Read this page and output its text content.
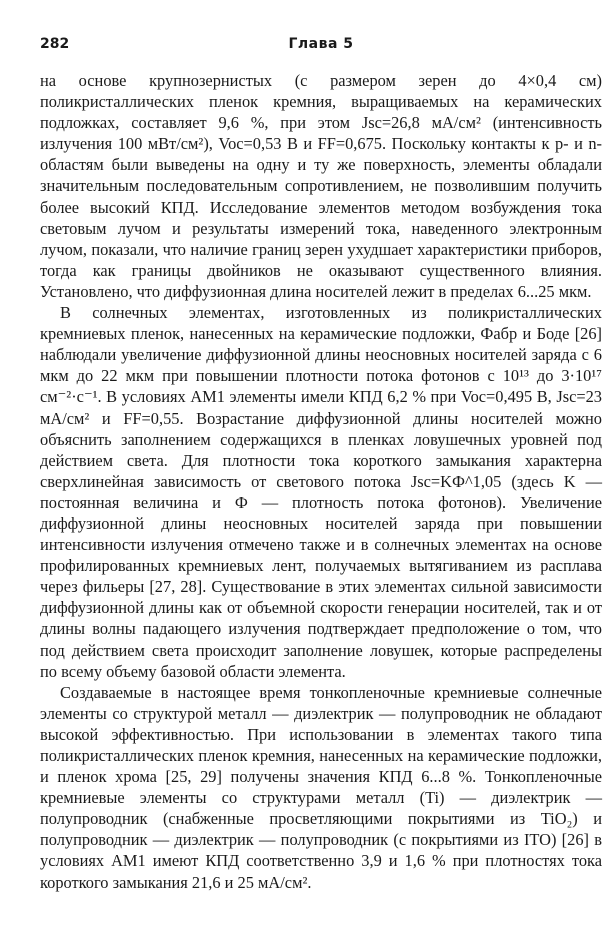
282	Глава 5

на основе крупнозернистых (с размером зерен до 4×0,4 см) поликристаллических пленок кремния, выращиваемых на керамических подложках, составляет 9,6 %, при этом Jsc=26,8 мА/см² (интенсивность излучения 100 мВт/см²), Voc=0,53 В и FF=0,675. Поскольку контакты к p- и n-областям были выведены на одну и ту же поверхность, элементы обладали значительным последовательным сопротивлением, не позволившим получить более высокий КПД. Исследование элементов методом возбуждения тока световым лучом и результаты измерений тока, наведенного электронным лучом, показали, что наличие границ зерен ухудшает характеристики приборов, тогда как границы двойников не оказывают существенного влияния. Установлено, что диффузионная длина носителей лежит в пределах 6...25 мкм.

В солнечных элементах, изготовленных из поликристаллических кремниевых пленок, нанесенных на керамические подложки, Фабр и Боде [26] наблюдали увеличение диффузионной длины неосновных носителей заряда с 6 мкм до 22 мкм при повышении плотности потока фотонов с 10¹³ до 3·10¹⁷ см⁻²·с⁻¹. В условиях АМ1 элементы имели КПД 6,2 % при Voc=0,495 В, Jsc=23 мА/см² и FF=0,55. Возрастание диффузионной длины носителей можно объяснить заполнением содержащихся в пленках ловушечных уровней под действием света. Для плотности тока короткого замыкания характерна сверхлинейная зависимость от светового потока Jsc=KФ^1,05 (здесь K — постоянная величина и Ф — плотность потока фотонов). Увеличение диффузионной длины неосновных носителей заряда при повышении интенсивности излучения отмечено также и в солнечных элементах на основе профилированных кремниевых лент, получаемых вытягиванием из расплава через фильеры [27, 28]. Существование в этих элементах сильной зависимости диффузионной длины как от объемной скорости генерации носителей, так и от длины волны падающего излучения подтверждает предположение о том, что под действием света происходит заполнение ловушек, которые распределены по всему объему базовой области элемента.

Создаваемые в настоящее время тонкопленочные кремниевые солнечные элементы со структурой металл — диэлектрик — полупроводник не обладают высокой эффективностью. При использовании в элементах такого типа поликристаллических пленок кремния, нанесенных на керамические подложки, и пленок хрома [25, 29] получены значения КПД 6...8 %. Тонкопленочные кремниевые элементы со структурами металл (Ti) — диэлектрик — полупроводник (снабженные просветляющими покрытиями из TiO₂) и полупроводник — диэлектрик — полупроводник (с покрытиями из ITO) [26] в условиях АМ1 имеют КПД соответственно 3,9 и 1,6 % при плотностях тока короткого замыкания 21,6 и 25 мА/см².
